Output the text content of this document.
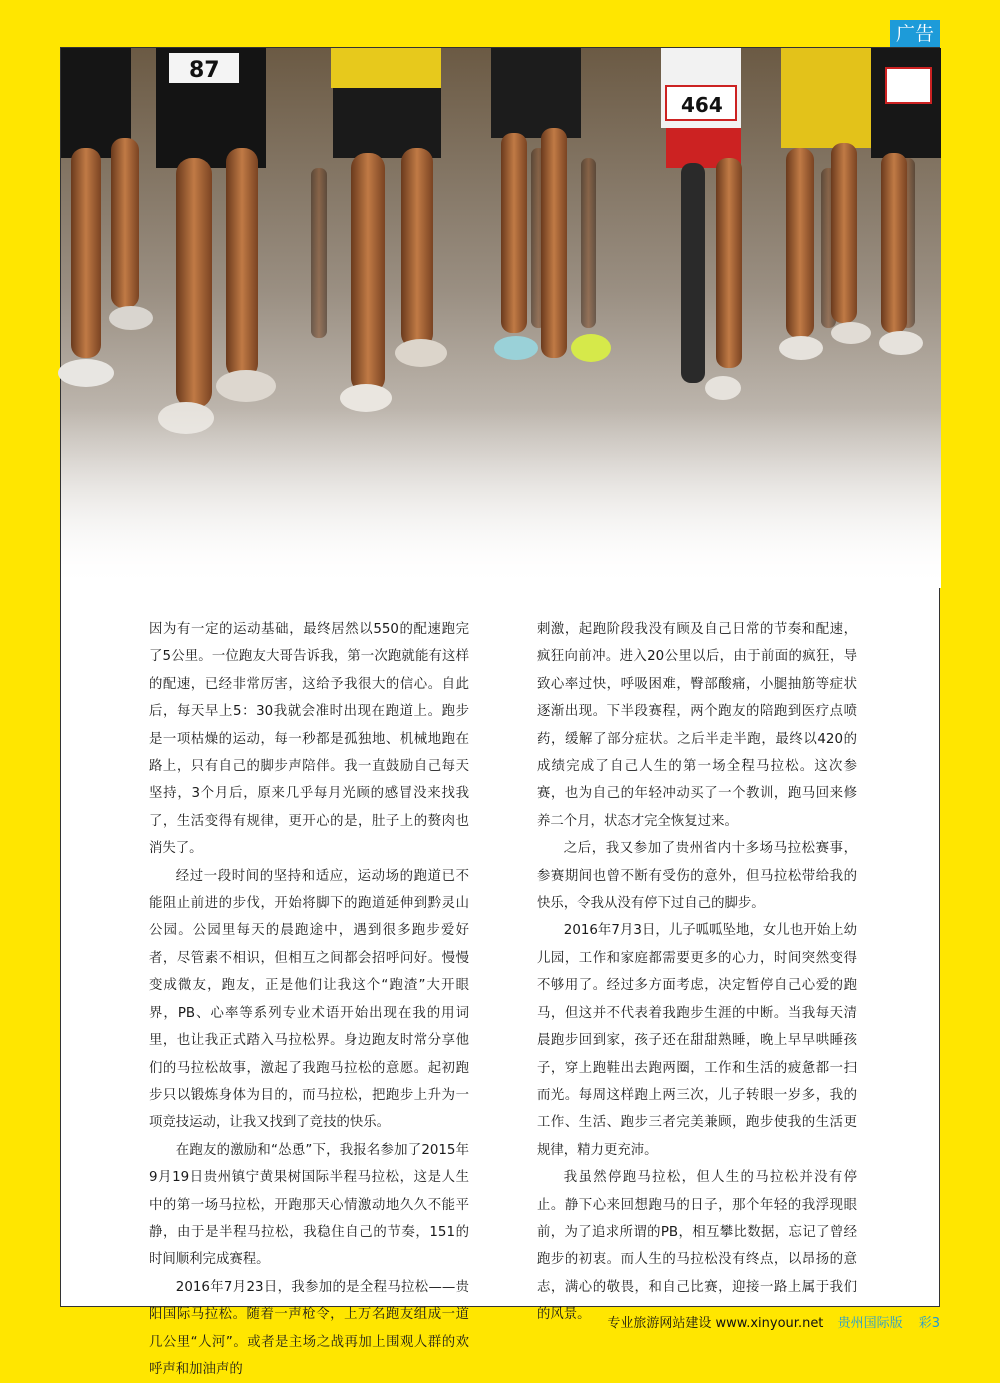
广告
87
464

因为有一定的运动基础，最终居然以550的配速跑完了5公里。一位跑友大哥告诉我，第一次跑就能有这样的配速，已经非常厉害，这给予我很大的信心。自此后，每天早上5：30我就会准时出现在跑道上。跑步是一项枯燥的运动，每一秒都是孤独地、机械地跑在路上，只有自己的脚步声陪伴。我一直鼓励自己每天坚持，3个月后，原来几乎每月光顾的感冒没来找我了，生活变得有规律，更开心的是，肚子上的赘肉也消失了。

经过一段时间的坚持和适应，运动场的跑道已不能阻止前进的步伐，开始将脚下的跑道延伸到黔灵山公园。公园里每天的晨跑途中，遇到很多跑步爱好者，尽管素不相识，但相互之间都会招呼问好。慢慢变成微友，跑友，正是他们让我这个“跑渣”大开眼界，PB、心率等系列专业术语开始出现在我的用词里，也让我正式踏入马拉松界。身边跑友时常分享他们的马拉松故事，激起了我跑马拉松的意愿。起初跑步只以锻炼身体为目的，而马拉松，把跑步上升为一项竞技运动，让我又找到了竞技的快乐。

在跑友的激励和“怂恿”下，我报名参加了2015年9月19日贵州镇宁黄果树国际半程马拉松，这是人生中的第一场马拉松，开跑那天心情激动地久久不能平静，由于是半程马拉松，我稳住自己的节奏，151的时间顺利完成赛程。

2016年7月23日，我参加的是全程马拉松——贵阳国际马拉松。随着一声枪令，上万名跑友组成一道几公里“人河”。或者是主场之战再加上围观人群的欢呼声和加油声的

刺激，起跑阶段我没有顾及自己日常的节奏和配速，疯狂向前冲。进入20公里以后，由于前面的疯狂，导致心率过快，呼吸困难，臀部酸痛，小腿抽筋等症状逐渐出现。下半段赛程，两个跑友的陪跑到医疗点喷药，缓解了部分症状。之后半走半跑，最终以420的成绩完成了自己人生的第一场全程马拉松。这次参赛，也为自己的年轻冲动买了一个教训，跑马回来修养二个月，状态才完全恢复过来。

之后，我又参加了贵州省内十多场马拉松赛事，参赛期间也曾不断有受伤的意外，但马拉松带给我的快乐，令我从没有停下过自己的脚步。

2016年7月3日，儿子呱呱坠地，女儿也开始上幼儿园，工作和家庭都需要更多的心力，时间突然变得不够用了。经过多方面考虑，决定暂停自己心爱的跑马，但这并不代表着我跑步生涯的中断。当我每天清晨跑步回到家，孩子还在甜甜熟睡，晚上早早哄睡孩子，穿上跑鞋出去跑两圈，工作和生活的疲惫都一扫而光。每周这样跑上两三次，儿子转眼一岁多，我的工作、生活、跑步三者完美兼顾，跑步使我的生活更规律，精力更充沛。

我虽然停跑马拉松，但人生的马拉松并没有停止。静下心来回想跑马的日子，那个年轻的我浮现眼前，为了追求所谓的PB，相互攀比数据，忘记了曾经跑步的初衷。而人生的马拉松没有终点，以昂扬的意志，满心的敬畏，和自己比赛，迎接一路上属于我们的风景。

专业旅游网站建设 www.xinyour.net 贵州国际版 彩3
